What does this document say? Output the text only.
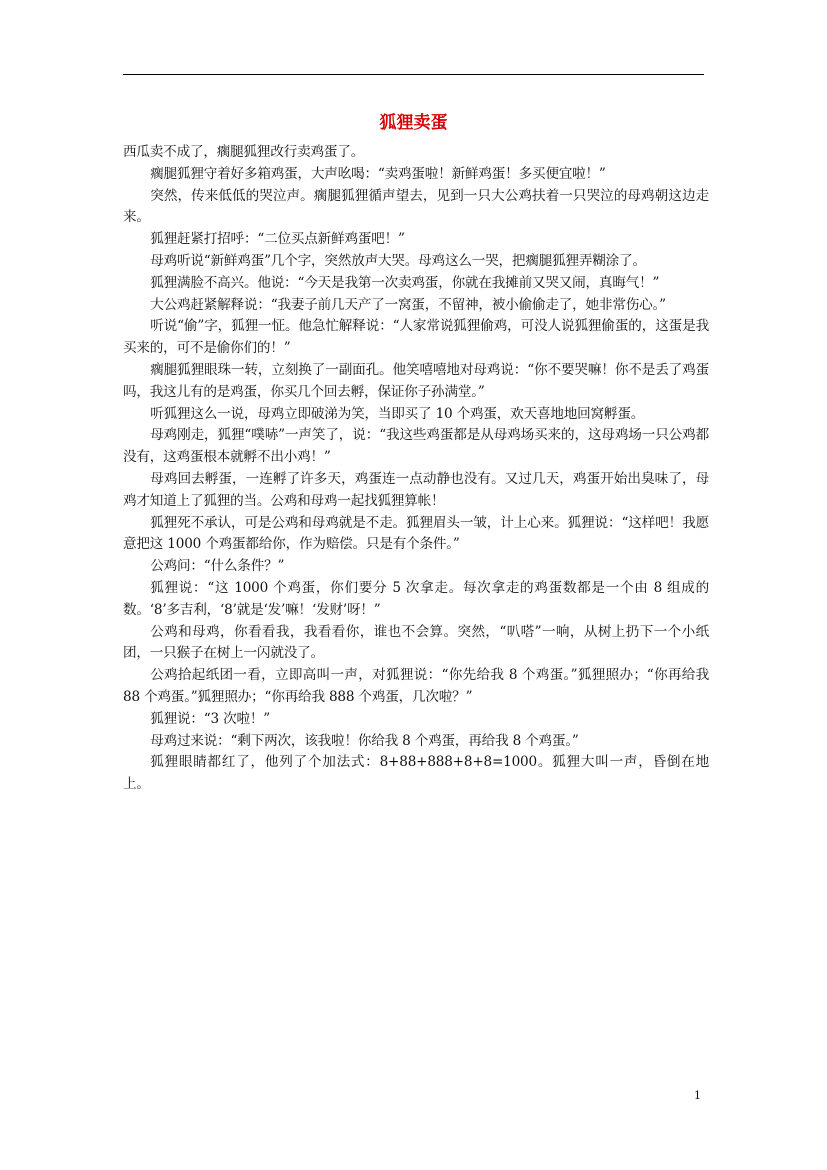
狐狸卖蛋

西瓜卖不成了，瘸腿狐狸改行卖鸡蛋了。

瘸腿狐狸守着好多箱鸡蛋，大声吆喝：“卖鸡蛋啦！新鲜鸡蛋！多买便宜啦！”

突然，传来低低的哭泣声。瘸腿狐狸循声望去，见到一只大公鸡扶着一只哭泣的母鸡朝这边走来。

狐狸赶紧打招呼：“二位买点新鲜鸡蛋吧！”

母鸡听说“新鲜鸡蛋”几个字，突然放声大哭。母鸡这么一哭，把瘸腿狐狸弄糊涂了。

狐狸满脸不高兴。他说：“今天是我第一次卖鸡蛋，你就在我摊前又哭又闹，真晦气！”

大公鸡赶紧解释说：“我妻子前几天产了一窝蛋，不留神，被小偷偷走了，她非常伤心。”

听说“偷”字，狐狸一怔。他急忙解释说：“人家常说狐狸偷鸡，可没人说狐狸偷蛋的，这蛋是我买来的，可不是偷你们的！”

瘸腿狐狸眼珠一转，立刻换了一副面孔。他笑嘻嘻地对母鸡说：“你不要哭嘛！你不是丢了鸡蛋吗，我这儿有的是鸡蛋，你买几个回去孵，保证你子孙满堂。”

听狐狸这么一说，母鸡立即破涕为笑，当即买了 10 个鸡蛋，欢天喜地地回窝孵蛋。

母鸡刚走，狐狸“噗哧”一声笑了，说：“我这些鸡蛋都是从母鸡场买来的，这母鸡场一只公鸡都没有，这鸡蛋根本就孵不出小鸡！”

母鸡回去孵蛋，一连孵了许多天，鸡蛋连一点动静也没有。又过几天，鸡蛋开始出臭味了，母鸡才知道上了狐狸的当。公鸡和母鸡一起找狐狸算帐！

狐狸死不承认，可是公鸡和母鸡就是不走。狐狸眉头一皱，计上心来。狐狸说：“这样吧！我愿意把这 1000 个鸡蛋都给你，作为赔偿。只是有个条件。”

公鸡问：“什么条件？”

狐狸说：“这 1000 个鸡蛋，你们要分 5 次拿走。每次拿走的鸡蛋数都是一个由 8 组成的数。‘8’多吉利，‘8’就是‘发’嘛！‘发财’呀！”

公鸡和母鸡，你看看我，我看看你，谁也不会算。突然，“叭嗒”一响，从树上扔下一个小纸团，一只猴子在树上一闪就没了。

公鸡拾起纸团一看，立即高叫一声，对狐狸说：“你先给我 8 个鸡蛋。”狐狸照办；“你再给我 88 个鸡蛋。”狐狸照办；“你再给我 888 个鸡蛋，几次啦？”

狐狸说：“3 次啦！”

母鸡过来说：“剩下两次，该我啦！你给我 8 个鸡蛋，再给我 8 个鸡蛋。”

狐狸眼睛都红了，他列了个加法式：8+88+888+8+8=1000。狐狸大叫一声，昏倒在地上。

1
